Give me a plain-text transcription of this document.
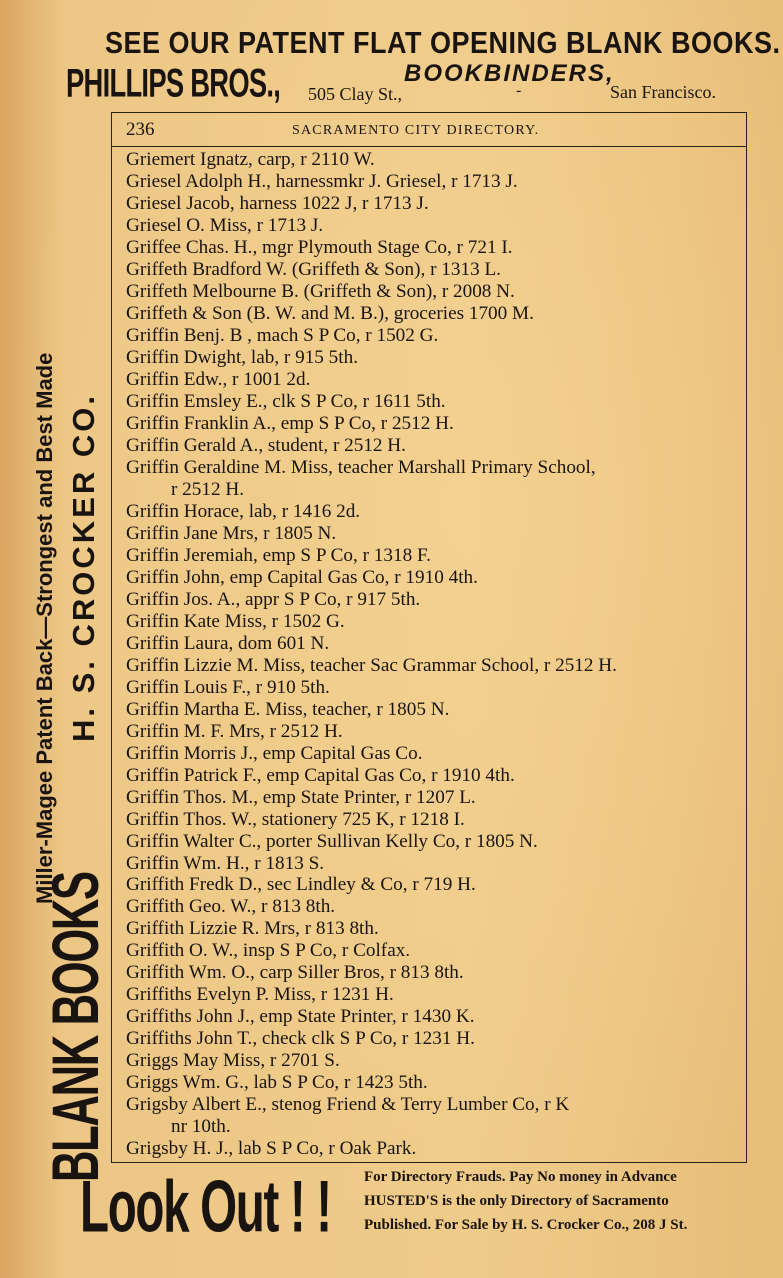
SEE OUR PATENT FLAT OPENING BLANK BOOKS.
PHILLIPS BROS.,	BOOKBINDERS,
505 Clay St.,	-	San Francisco.
BLANK BOOKS
Miller-Magee Patent Back—Strongest and Best Made H. S. CROCKER CO.
236	SACRAMENTO CITY DIRECTORY.
Griemert Ignatz, carp, r 2110 W.
Griesel Adolph H., harnessmkr J. Griesel, r 1713 J.
Griesel Jacob, harness 1022 J, r 1713 J.
Griesel O. Miss, r 1713 J.
Griffee Chas. H., mgr Plymouth Stage Co, r 721 I.
Griffeth Bradford W. (Griffeth & Son), r 1313 L.
Griffeth Melbourne B. (Griffeth & Son), r 2008 N.
Griffeth & Son (B. W. and M. B.), groceries 1700 M.
Griffin Benj. B , mach S P Co, r 1502 G.
Griffin Dwight, lab, r 915 5th.
Griffin Edw., r 1001 2d.
Griffin Emsley E., clk S P Co, r 1611 5th.
Griffin Franklin A., emp S P Co, r 2512 H.
Griffin Gerald A., student, r 2512 H.
Griffin Geraldine M. Miss, teacher Marshall Primary School,
r 2512 H.
Griffin Horace, lab, r 1416 2d.
Griffin Jane Mrs, r 1805 N.
Griffin Jeremiah, emp S P Co, r 1318 F.
Griffin John, emp Capital Gas Co, r 1910 4th.
Griffin Jos. A., appr S P Co, r 917 5th.
Griffin Kate Miss, r 1502 G.
Griffin Laura, dom 601 N.
Griffin Lizzie M. Miss, teacher Sac Grammar School, r 2512 H.
Griffin Louis F., r 910 5th.
Griffin Martha E. Miss, teacher, r 1805 N.
Griffin M. F. Mrs, r 2512 H.
Griffin Morris J., emp Capital Gas Co.
Griffin Patrick F., emp Capital Gas Co, r 1910 4th.
Griffin Thos. M., emp State Printer, r 1207 L.
Griffin Thos. W., stationery 725 K, r 1218 I.
Griffin Walter C., porter Sullivan Kelly Co, r 1805 N.
Griffin Wm. H., r 1813 S.
Griffith Fredk D., sec Lindley & Co, r 719 H.
Griffith Geo. W., r 813 8th.
Griffith Lizzie R. Mrs, r 813 8th.
Griffith O. W., insp S P Co, r Colfax.
Griffith Wm. O., carp Siller Bros, r 813 8th.
Griffiths Evelyn P. Miss, r 1231 H.
Griffiths John J., emp State Printer, r 1430 K.
Griffiths John T., check clk S P Co, r 1231 H.
Griggs May Miss, r 2701 S.
Griggs Wm. G., lab S P Co, r 1423 5th.
Grigsby Albert E., stenog Friend & Terry Lumber Co, r K
nr 10th.
Grigsby H. J., lab S P Co, r Oak Park.
Look Out ! ! For Directory Frauds. Pay No money in Advance
HUSTED'S is the only Directory of Sacramento
Published. For Sale by H. S. Crocker Co., 208 J St.
